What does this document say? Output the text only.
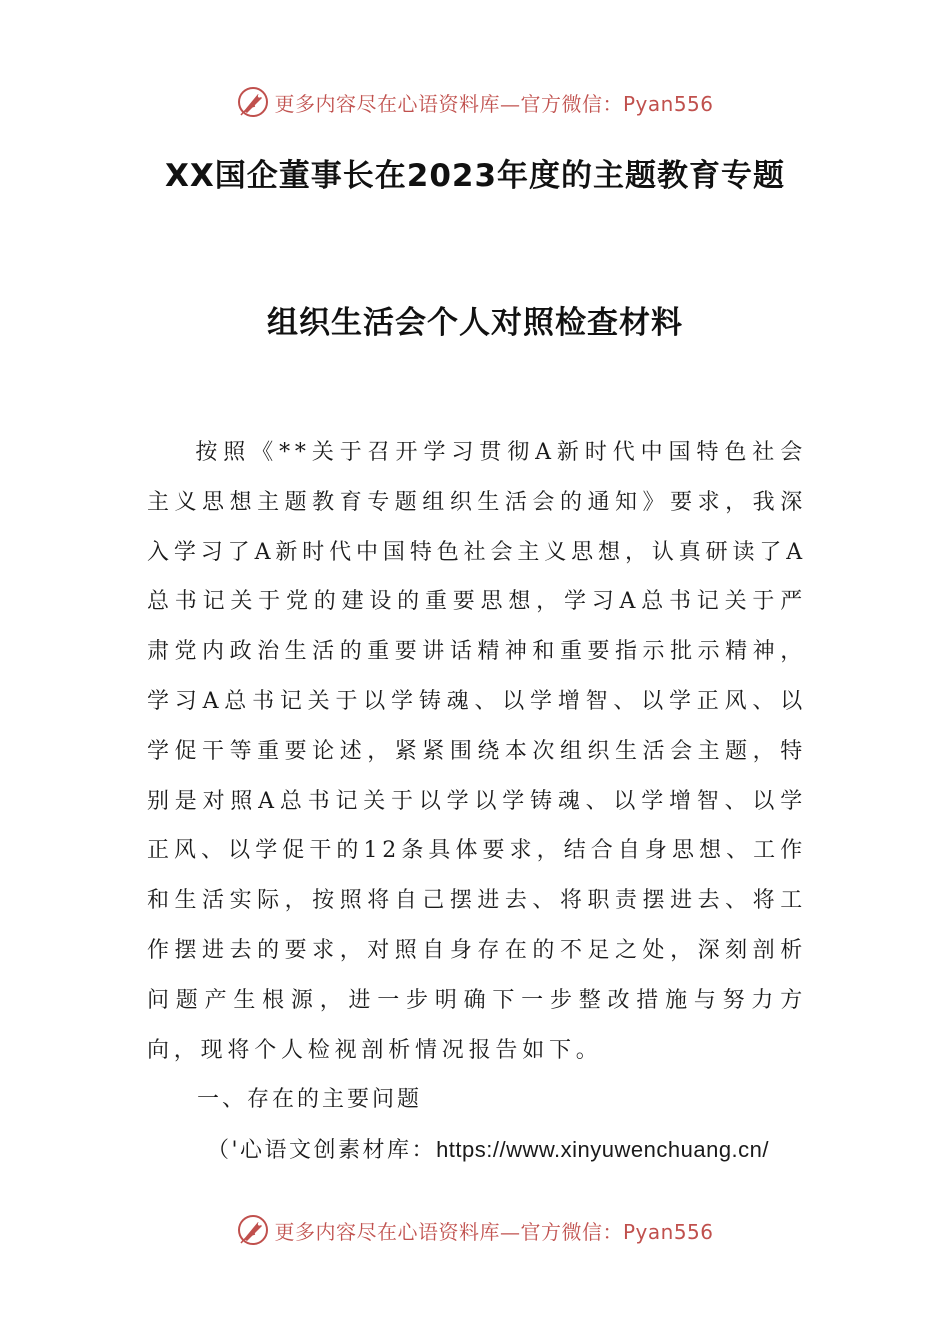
更多内容尽在心语资料库—官方微信：Pyan556
XX国企董事长在2023年度的主题教育专题
组织生活会个人对照检查材料

按照《**关于召开学习贯彻A新时代中国特色社会主义思想主题教育专题组织生活会的通知》要求，我深入学习了A新时代中国特色社会主义思想，认真研读了A总书记关于党的建设的重要思想，学习A总书记关于严肃党内政治生活的重要讲话精神和重要指示批示精神，学习A总书记关于以学铸魂、以学增智、以学正风、以学促干等重要论述，紧紧围绕本次组织生活会主题，特别是对照A总书记关于以学以学铸魂、以学增智、以学正风、以学促干的12条具体要求，结合自身思想、工作和生活实际，按照将自己摆进去、将职责摆进去、将工作摆进去的要求，对照自身存在的不足之处，深刻剖析问题产生根源，进一步明确下一步整改措施与努力方向，现将个人检视剖析情况报告如下。

一、存在的主要问题

（'心语文创素材库：https://www.xinyuwenchuang.cn/

更多内容尽在心语资料库—官方微信：Pyan556
